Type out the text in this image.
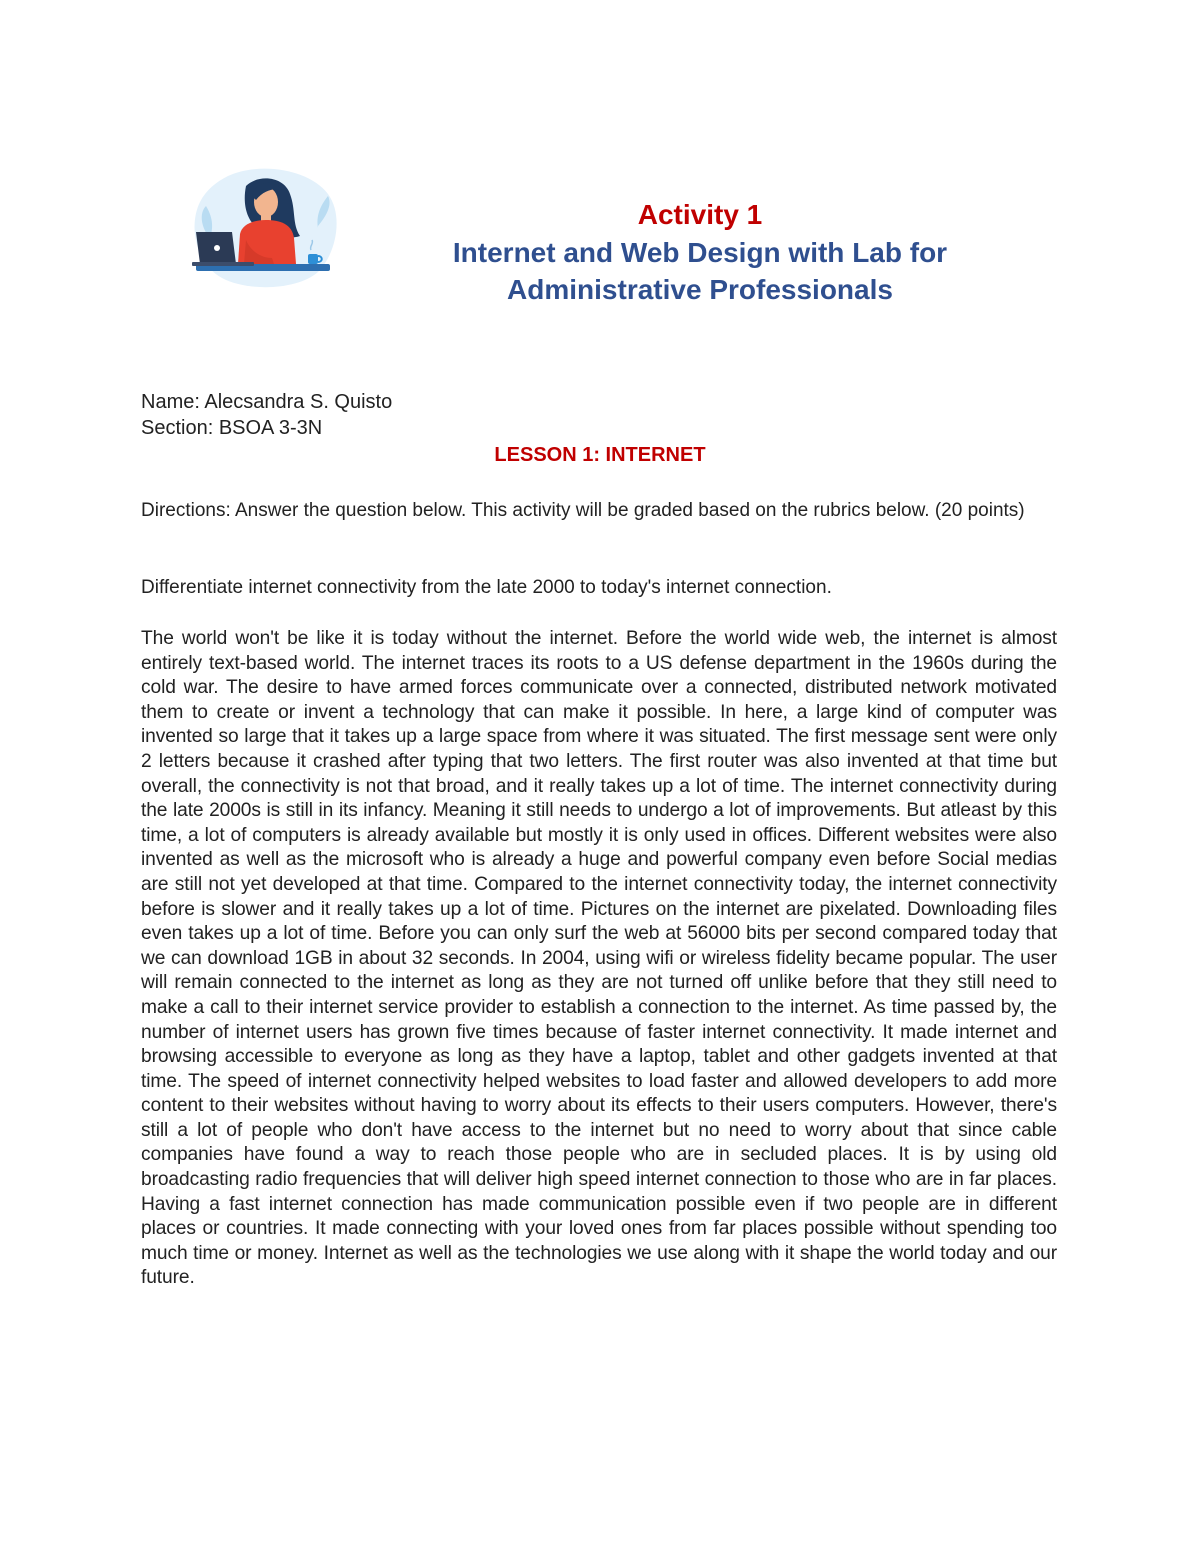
Activity 1
Internet and Web Design with Lab for
Administrative Professionals
Name: Alecsandra S. Quisto
Section: BSOA 3-3N
LESSON 1: INTERNET
Directions: Answer the question below. This activity will be graded based on the rubrics below. (20 points)
Differentiate internet connectivity from the late 2000 to today's internet connection.
The world won't be like it is today without the internet. Before the world wide web, the internet is almost entirely text-based world. The internet traces its roots to a US defense department in the 1960s during the cold war. The desire to have armed forces communicate over a connected, distributed network motivated them to create or invent a technology that can make it possible. In here, a large kind of computer was invented so large that it takes up a large space from where it was situated. The first message sent were only 2 letters because it crashed after typing that two letters. The first router was also invented at that time but overall, the connectivity is not that broad, and it really takes up a lot of time. The internet connectivity during the late 2000s is still in its infancy. Meaning it still needs to undergo a lot of improvements. But atleast by this time, a lot of computers is already available but mostly it is only used in offices. Different websites were also invented as well as the microsoft who is already a huge and powerful company even before Social medias are still not yet developed at that time. Compared to the internet connectivity today, the internet connectivity before is slower and it really takes up a lot of time. Pictures on the internet are pixelated. Downloading files even takes up a lot of time. Before you can only surf the web at 56000 bits per second compared today that we can download 1GB in about 32 seconds. In 2004, using wifi or wireless fidelity became popular. The user will remain connected to the internet as long as they are not turned off unlike before that they still need to make a call to their internet service provider to establish a connection to the internet. As time passed by, the number of internet users has grown five times because of faster internet connectivity. It made internet and browsing accessible to everyone as long as they have a laptop, tablet and other gadgets invented at that time. The speed of internet connectivity helped websites to load faster and allowed developers to add more content to their websites without having to worry about its effects to their users computers. However, there's still a lot of people who don't have access to the internet but no need to worry about that since cable companies have found a way to reach those people who are in secluded places. It is by using old broadcasting radio frequencies that will deliver high speed internet connection to those who are in far places. Having a fast internet connection has made communication possible even if two people are in different places or countries. It made connecting with your loved ones from far places possible without spending too much time or money. Internet as well as the technologies we use along with it shape the world today and our future.
